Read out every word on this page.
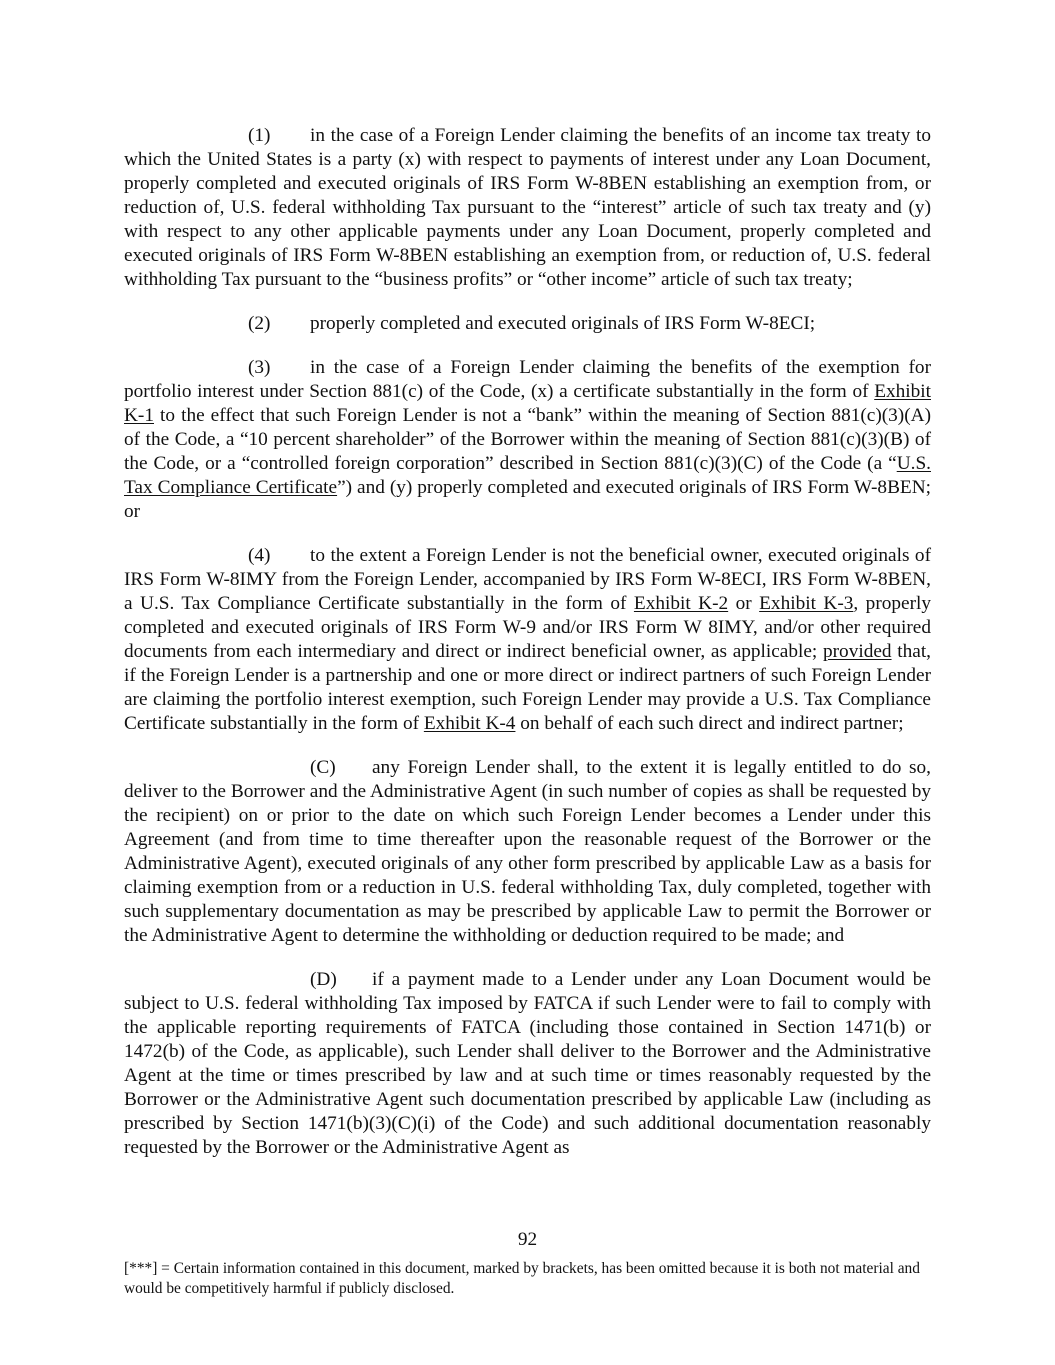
(1) in the case of a Foreign Lender claiming the benefits of an income tax treaty to which the United States is a party (x) with respect to payments of interest under any Loan Document, properly completed and executed originals of IRS Form W-8BEN establishing an exemption from, or reduction of, U.S. federal withholding Tax pursuant to the “interest” article of such tax treaty and (y) with respect to any other applicable payments under any Loan Document, properly completed and executed originals of IRS Form W-8BEN establishing an exemption from, or reduction of, U.S. federal withholding Tax pursuant to the “business profits” or “other income” article of such tax treaty;

(2) properly completed and executed originals of IRS Form W-8ECI;

(3) in the case of a Foreign Lender claiming the benefits of the exemption for portfolio interest under Section 881(c) of the Code, (x) a certificate substantially in the form of Exhibit K-1 to the effect that such Foreign Lender is not a “bank” within the meaning of Section 881(c)(3)(A) of the Code, a “10 percent shareholder” of the Borrower within the meaning of Section 881(c)(3)(B) of the Code, or a “controlled foreign corporation” described in Section 881(c)(3)(C) of the Code (a “U.S. Tax Compliance Certificate”) and (y) properly completed and executed originals of IRS Form W-8BEN; or

(4) to the extent a Foreign Lender is not the beneficial owner, executed originals of IRS Form W-8IMY from the Foreign Lender, accompanied by IRS Form W-8ECI, IRS Form W-8BEN, a U.S. Tax Compliance Certificate substantially in the form of Exhibit K-2 or Exhibit K-3, properly completed and executed originals of IRS Form W-9 and/or IRS Form W 8IMY, and/or other required documents from each intermediary and direct or indirect beneficial owner, as applicable; provided that, if the Foreign Lender is a partnership and one or more direct or indirect partners of such Foreign Lender are claiming the portfolio interest exemption, such Foreign Lender may provide a U.S. Tax Compliance Certificate substantially in the form of Exhibit K-4 on behalf of each such direct and indirect partner;

(C) any Foreign Lender shall, to the extent it is legally entitled to do so, deliver to the Borrower and the Administrative Agent (in such number of copies as shall be requested by the recipient) on or prior to the date on which such Foreign Lender becomes a Lender under this Agreement (and from time to time thereafter upon the reasonable request of the Borrower or the Administrative Agent), executed originals of any other form prescribed by applicable Law as a basis for claiming exemption from or a reduction in U.S. federal withholding Tax, duly completed, together with such supplementary documentation as may be prescribed by applicable Law to permit the Borrower or the Administrative Agent to determine the withholding or deduction required to be made; and

(D) if a payment made to a Lender under any Loan Document would be subject to U.S. federal withholding Tax imposed by FATCA if such Lender were to fail to comply with the applicable reporting requirements of FATCA (including those contained in Section 1471(b) or 1472(b) of the Code, as applicable), such Lender shall deliver to the Borrower and the Administrative Agent at the time or times prescribed by law and at such time or times reasonably requested by the Borrower or the Administrative Agent such documentation prescribed by applicable Law (including as prescribed by Section 1471(b)(3)(C)(i) of the Code) and such additional documentation reasonably requested by the Borrower or the Administrative Agent as

92
[***] = Certain information contained in this document, marked by brackets, has been omitted because it is both not material and would be competitively harmful if publicly disclosed.
